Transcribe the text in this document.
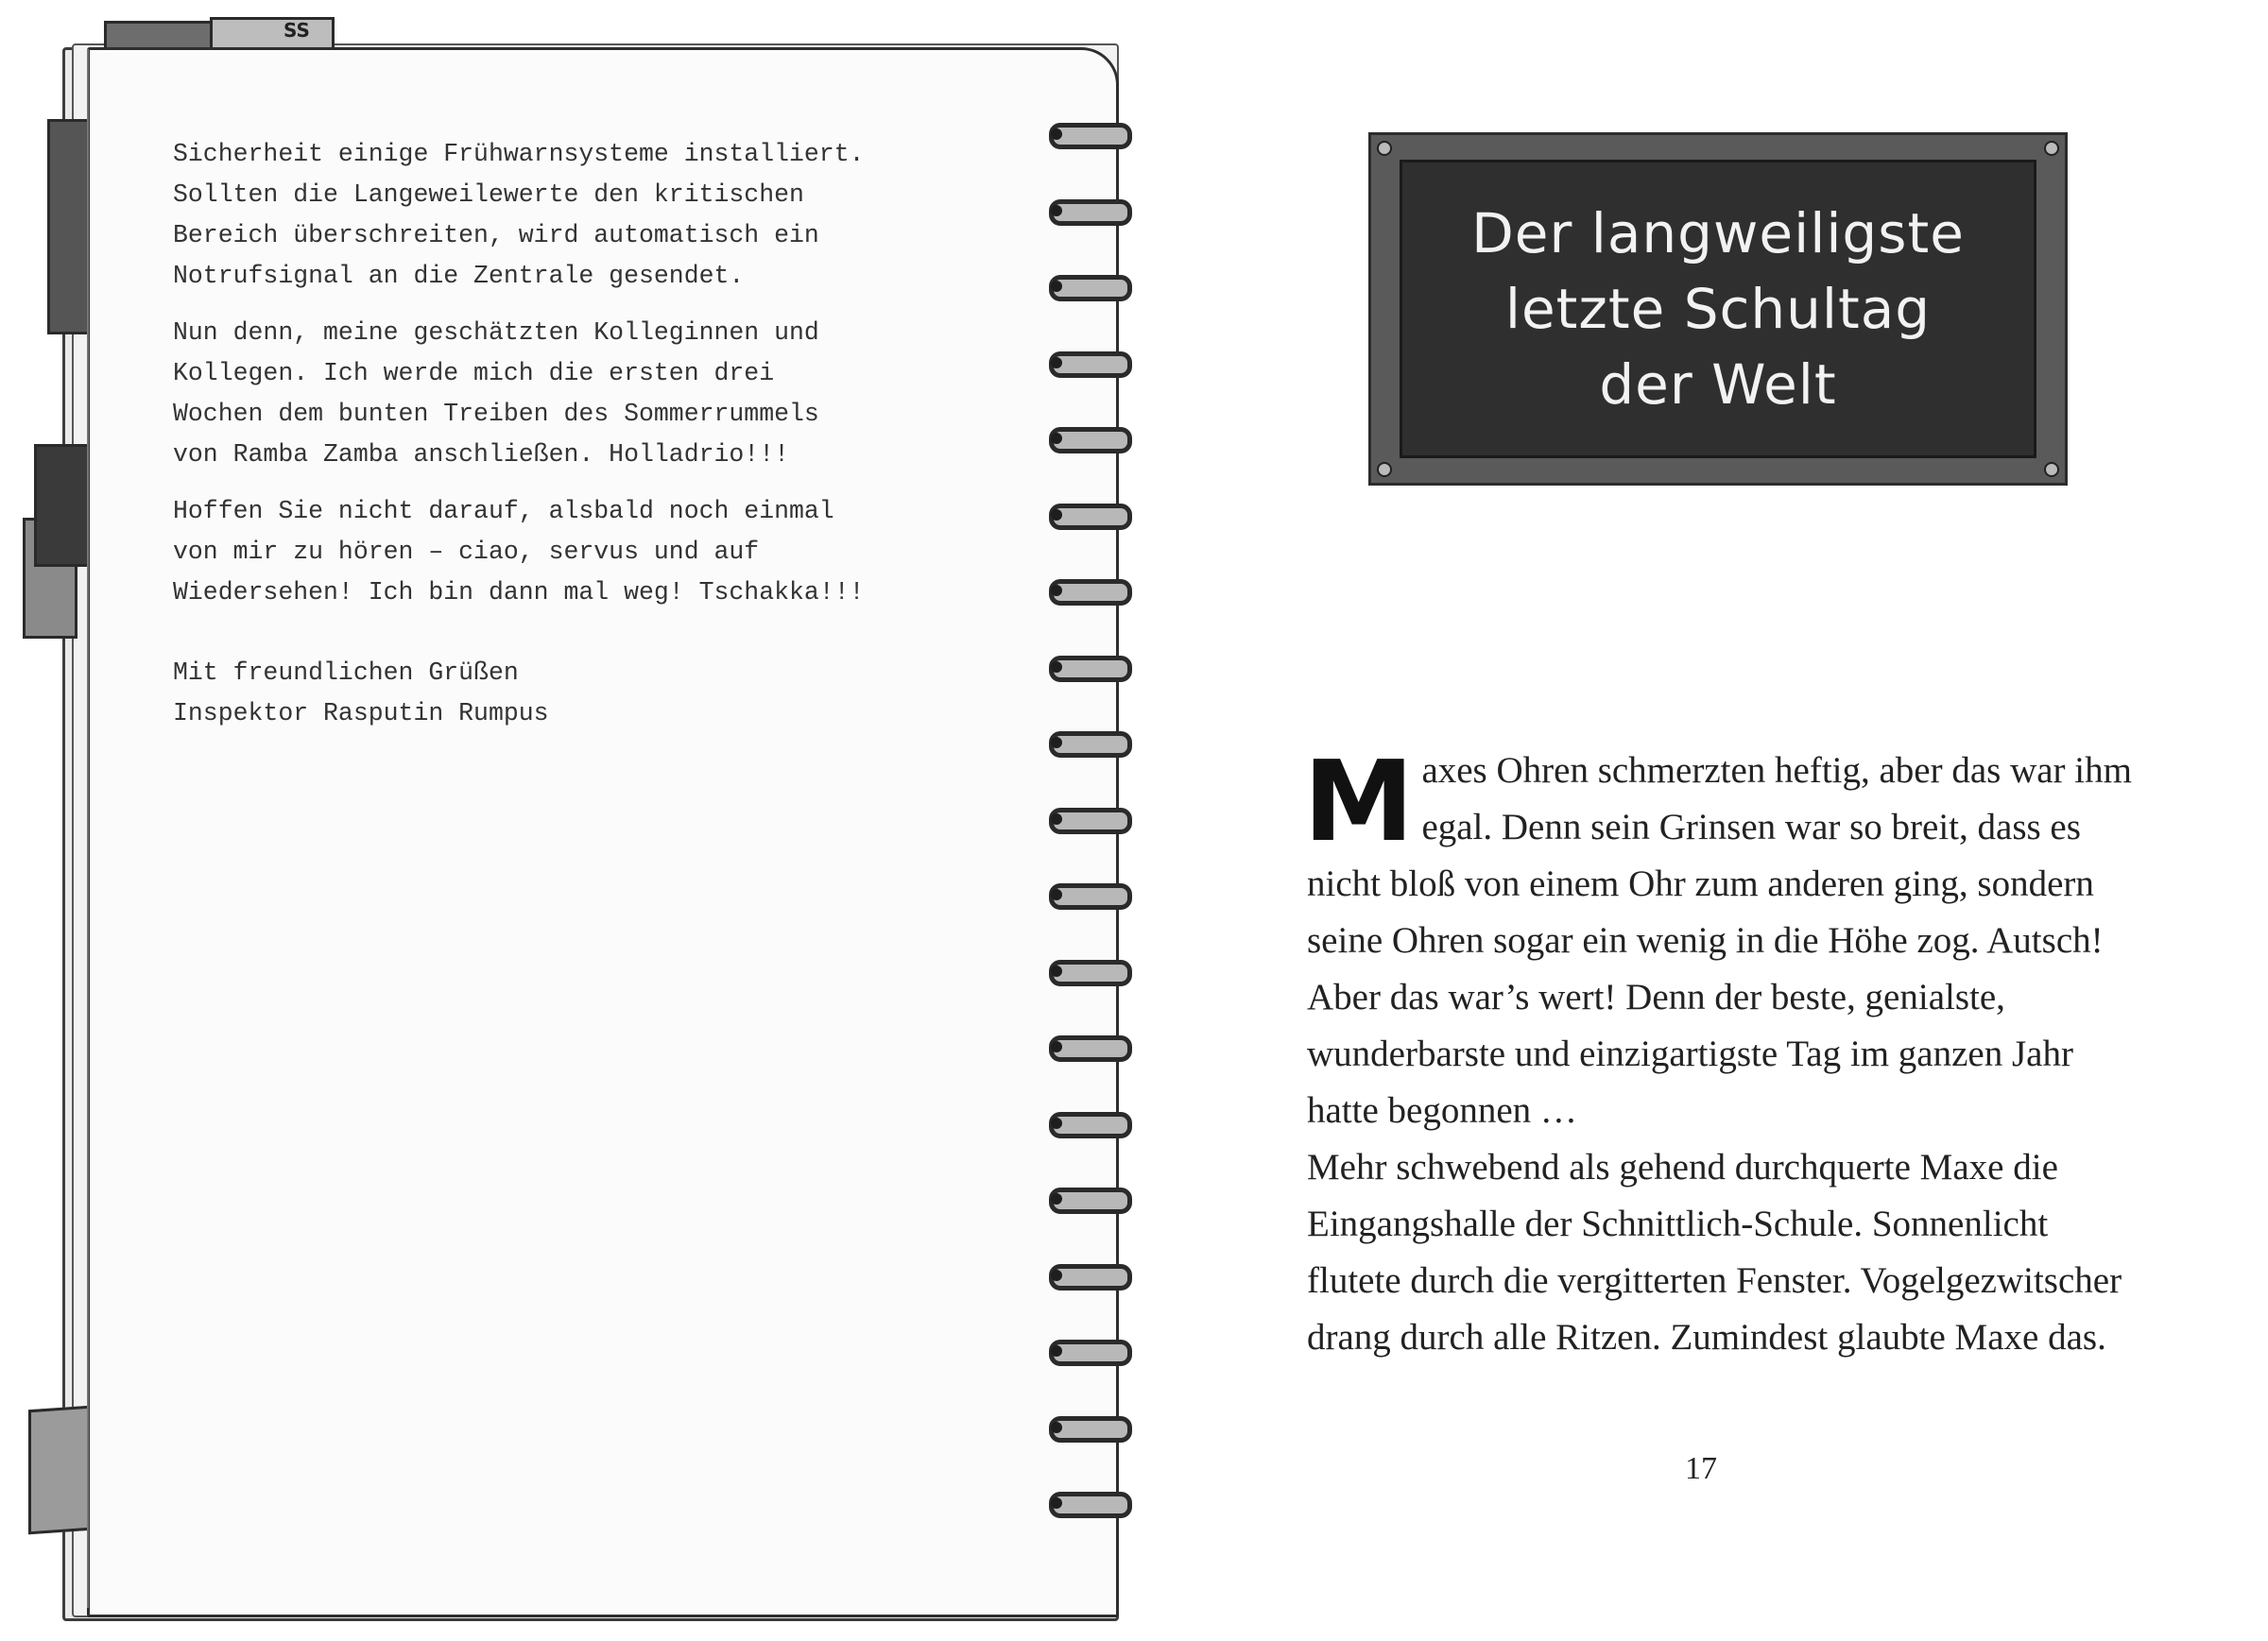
SS

Sicherheit einige Frühwarnsysteme installiert.
Sollten die Langeweilewerte den kritischen
Bereich überschreiten, wird automatisch ein
Notrufsignal an die Zentrale gesendet.

Nun denn, meine geschätzten Kolleginnen und
Kollegen. Ich werde mich die ersten drei
Wochen dem bunten Treiben des Sommerrummels
von Ramba Zamba anschließen. Holladrio!!!

Hoffen Sie nicht darauf, alsbald noch einmal
von mir zu hören – ciao, servus und auf
Wiedersehen! Ich bin dann mal weg! Tschakka!!!

Mit freundlichen Grüßen
Inspektor Rasputin Rumpus

Der langweiligste letzte Schultag der Welt
M axes Ohren schmerzten heftig, aber das war ihm egal. Denn sein Grinsen war so breit, dass es nicht bloß von einem Ohr zum anderen ging, sondern seine Ohren sogar ein wenig in die Höhe zog. Autsch! Aber das war’s wert! Denn der beste, genialste, wunderbarste und einzigartigste Tag im ganzen Jahr hatte begonnen …

Mehr schwebend als gehend durchquerte Maxe die Eingangshalle der Schnittlich-Schule. Sonnenlicht flutete durch die vergitterten Fenster. Vogelgezwitscher drang durch alle Ritzen. Zumindest glaubte Maxe das.

17
